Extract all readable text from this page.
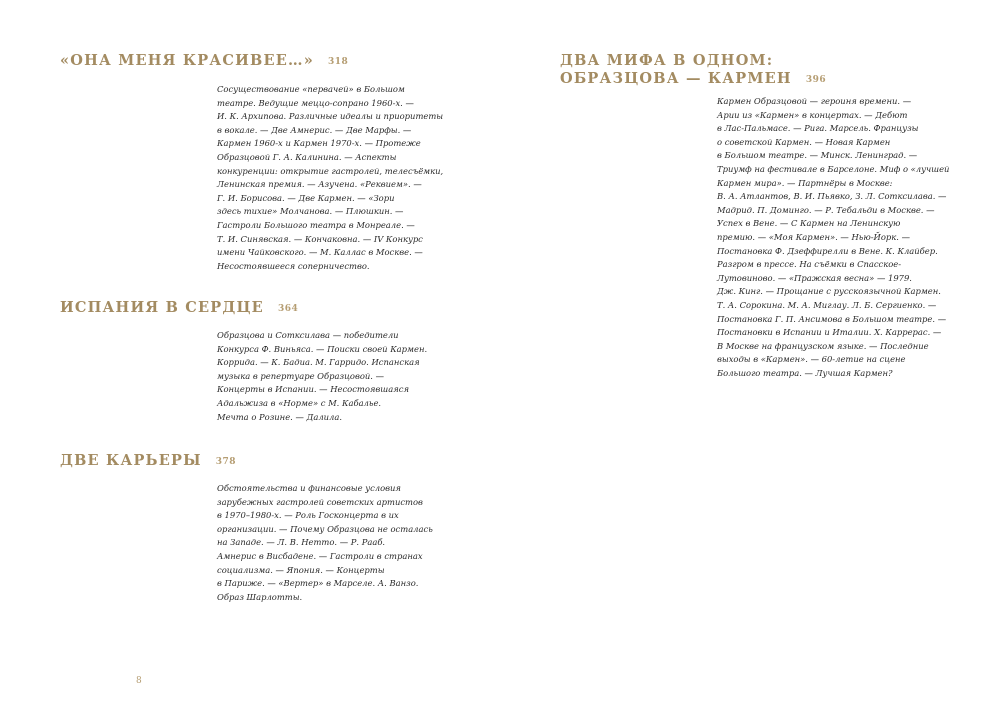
«ОНА МЕНЯ КРАСИВЕЕ…» 318
Сосуществование «первачей» в Большом
театре. Ведущие меццо-сопрано 1960-х. —
И. К. Архипова. Различные идеалы и приоритеты
в вокале. — Две Амнерис. — Две Марфы. —
Кармен 1960-х и Кармен 1970-х. — Протеже
Образцовой Г. А. Калинина. — Аспекты
конкуренции: открытие гастролей, телесъёмки,
Ленинская премия. — Азучена. «Реквием». —
Г. И. Борисова. — Две Кармен. — «Зори
здесь тихие» Молчанова. — Плюшкин. —
Гастроли Большого театра в Монреале. —
Т. И. Синявская. — Кончаковна. — IV Конкурс
имени Чайковского. — М. Каллас в Москве. —
Несостоявшееся соперничество.
ИСПАНИЯ В СЕРДЦЕ 364
Образцова и Сотксилава — победители
Конкурса Ф. Виньяса. — Поиски своей Кармен.
Коррида. — К. Бадиа. М. Гарридо. Испанская
музыка в репертуаре Образцовой. —
Концерты в Испании. — Несостоявшаяся
Адальжиза в «Норме» с М. Кабалье.
Мечта о Розине. — Далила.
ДВЕ КАРЬЕРЫ 378
Обстоятельства и финансовые условия
зарубежных гастролей советских артистов
в 1970–1980-х. — Роль Госконцерта в их
организации. — Почему Образцова не осталась
на Западе. — Л. В. Нетто. — Р. Рааб.
Амнерис в Висбадене. — Гастроли в странах
социализма. — Япония. — Концерты
в Париже. — «Вертер» в Марселе. А. Ванзо.
Образ Шарлотты.
8
ДВА МИФА В ОДНОМ:
ОБРАЗЦОВА — КАРМЕН 396
Кармен Образцовой — героиня времени. —
Арии из «Кармен» в концертах. — Дебют
в Лас-Пальмасе. — Рига. Марсель. Французы
о советской Кармен. — Новая Кармен
в Большом театре. — Минск. Ленинград. —
Триумф на фестивале в Барселоне. Миф о «лучшей
Кармен мира». — Партнёры в Москве:
В. А. Атлантов, В. И. Пьявко, З. Л. Сотксилава. —
Мадрид. П. Доминго. — Р. Тебальди в Москве. —
Успех в Вене. — С Кармен на Ленинскую
премию. — «Моя Кармен». — Нью-Йорк. —
Постановка Ф. Дзеффирелли в Вене. К. Клайбер.
Разгром в прессе. На съёмки в Спасское-
Лутовиново. — «Пражская весна» — 1979.
Дж. Кинг. — Прощание с русскоязычной Кармен.
Т. А. Сорокина. М. А. Миглау. Л. Б. Сергиенко. —
Постановка Г. П. Ансимова в Большом театре. —
Постановки в Испании и Италии. Х. Каррерас. —
В Москве на французском языке. — Последние
выходы в «Кармен». — 60-летие на сцене
Большого театра. — Лучшая Кармен?
